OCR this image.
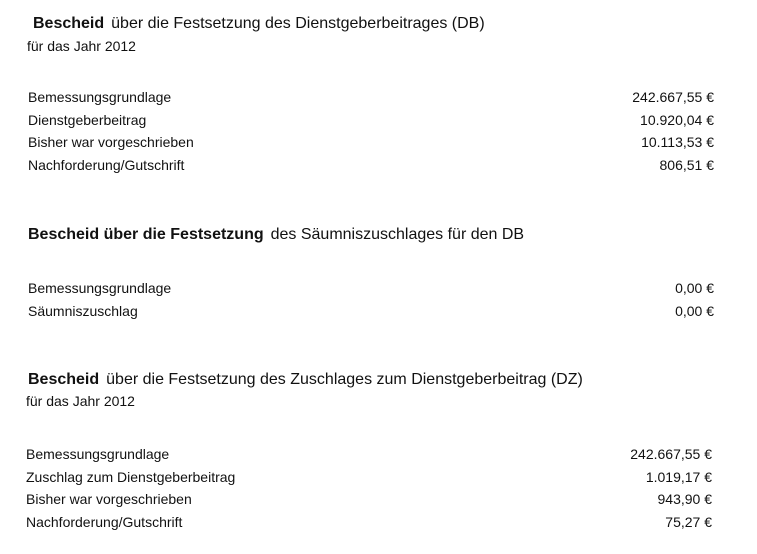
Bescheid über die Festsetzung des Dienstgeberbeitrages (DB)
für das Jahr 2012
Bemessungsgrundlage	242.667,55 €
Dienstgeberbeitrag	10.920,04 €
Bisher war vorgeschrieben	10.113,53 €
Nachforderung/Gutschrift	806,51 €
Bescheid über die Festsetzung des Säumniszuschlages für den DB
Bemessungsgrundlage	0,00 €
Säumniszuschlag	0,00 €
Bescheid über die Festsetzung des Zuschlages zum Dienstgeberbeitrag (DZ)
für das Jahr 2012
Bemessungsgrundlage	242.667,55 €
Zuschlag zum Dienstgeberbeitrag	1.019,17 €
Bisher war vorgeschrieben	943,90 €
Nachforderung/Gutschrift	75,27 €
